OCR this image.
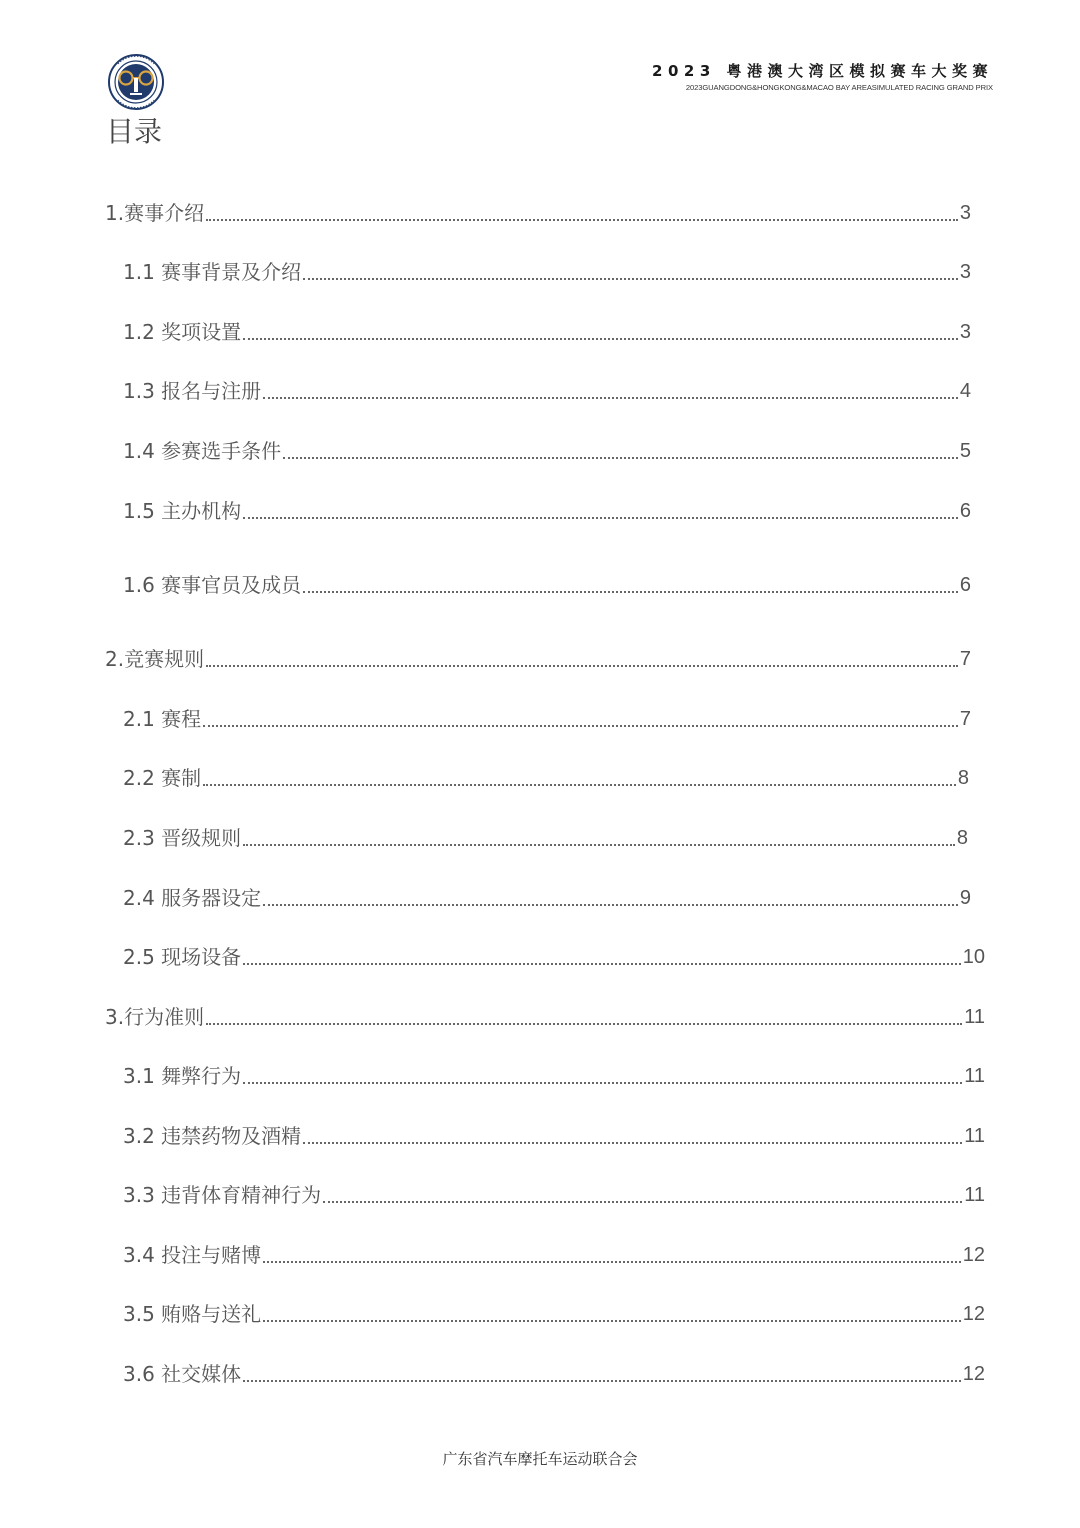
2023 粤港澳大湾区模拟赛车大奖赛
2023GUANGDONG&HONGKONG&MACAO BAY AREASIMULATED RACING GRAND PRIX
目录
1.赛事介绍	3
1.1 赛事背景及介绍	3
1.2 奖项设置	3
1.3 报名与注册	4
1.4 参赛选手条件	5
1.5 主办机构	6
1.6 赛事官员及成员	6
2.竞赛规则	7
2.1 赛程	7
2.2 赛制	8
2.3 晋级规则	8
2.4 服务器设定	9
2.5 现场设备	10
3.行为准则	11
3.1 舞弊行为	11
3.2 违禁药物及酒精	11
3.3 违背体育精神行为	11
3.4 投注与赌博	12
3.5 贿赂与送礼	12
3.6 社交媒体	12
广东省汽车摩托车运动联合会
